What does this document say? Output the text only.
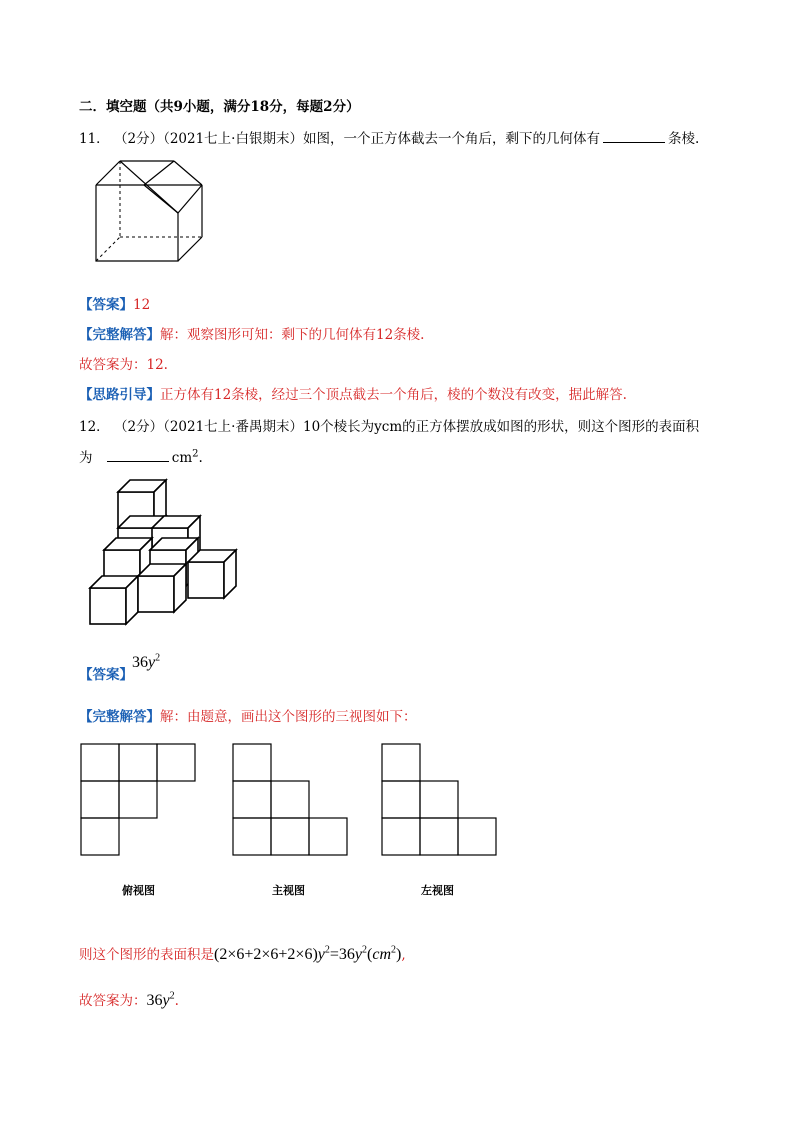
二．填空题（共9小题，满分18分，每题2分）
11． （2分）（2021七上·白银期末）如图，一个正方体截去一个角后，剩下的几何体有	条棱.
【答案】12
【完整解答】解：观察图形可知：剩下的几何体有12条棱.
故答案为：12.
【思路引导】正方体有12条棱，经过三个顶点截去一个角后，棱的个数没有改变，据此解答.
12． （2分）（2021七上·番禺期末）10个棱长为ycm的正方体摆放成如图的形状，则这个图形的表面积
为	$cm^2$.
【答案】
$36y^2$
【完整解答】解：由题意，画出这个图形的三视图如下：
俯视图	主视图	左视图
则这个图形的表面积是$(2\times 6+2\times 6+2\times 6)y^2=36y^2(cm^2)$,
故答案为：$36y^2$.
